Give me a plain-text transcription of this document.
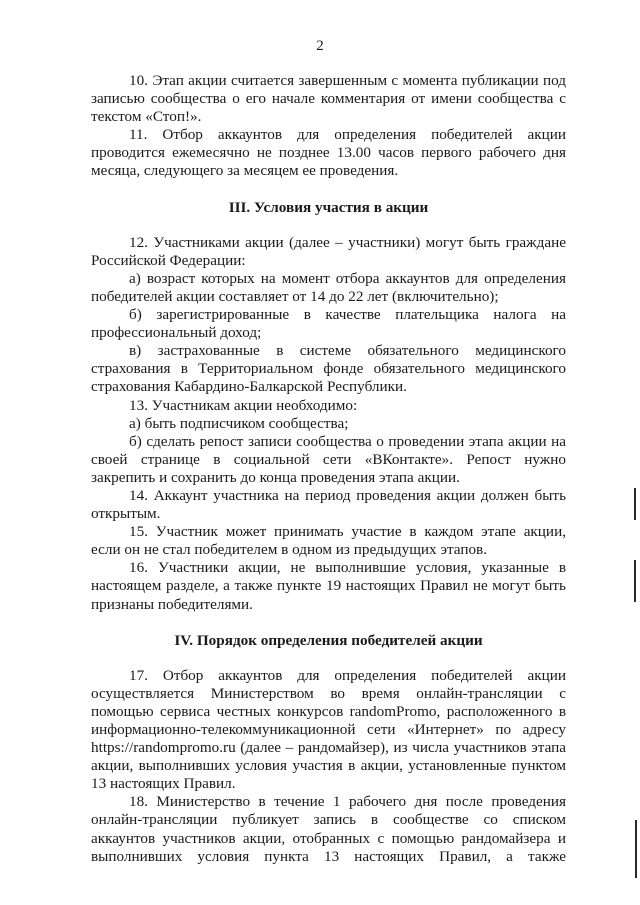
2

10. Этап акции считается завершенным с момента публикации под записью сообщества о его начале комментария от имени сообщества с текстом «Стоп!».

11. Отбор аккаунтов для определения победителей акции проводится ежемесячно не позднее 13.00 часов первого рабочего дня месяца, следующего за месяцем ее проведения.

III. Условия участия в акции

12. Участниками акции (далее – участники) могут быть граждане Российской Федерации:

а) возраст которых на момент отбора аккаунтов для определения победителей акции составляет от 14 до 22 лет (включительно);

б) зарегистрированные в качестве плательщика налога на профессиональный доход;

в) застрахованные в системе обязательного медицинского страхования в Территориальном фонде обязательного медицинского страхования Кабардино-Балкарской Республики.

13. Участникам акции необходимо:

а) быть подписчиком сообщества;

б) сделать репост записи сообщества о проведении этапа акции на своей странице в социальной сети «ВКонтакте». Репост нужно закрепить и сохранить до конца проведения этапа акции.

14. Аккаунт участника на период проведения акции должен быть открытым.

15. Участник может принимать участие в каждом этапе акции, если он не стал победителем в одном из предыдущих этапов.

16. Участники акции, не выполнившие условия, указанные в настоящем разделе, а также пункте 19 настоящих Правил не могут быть признаны победителями.

IV. Порядок определения победителей акции

17. Отбор аккаунтов для определения победителей акции осуществляется Министерством во время онлайн-трансляции с помощью сервиса честных конкурсов randomPromo, расположенного в информационно-телекоммуникационной сети «Интернет» по адресу https://randompromo.ru (далее – рандомайзер), из числа участников этапа акции, выполнивших условия участия в акции, установленные пунктом 13 настоящих Правил.

18. Министерство в течение 1 рабочего дня после проведения онлайн-трансляции публикует запись в сообществе со списком аккаунтов участников акции, отобранных с помощью рандомайзера и выполнивших условия пункта 13 настоящих Правил, а также
